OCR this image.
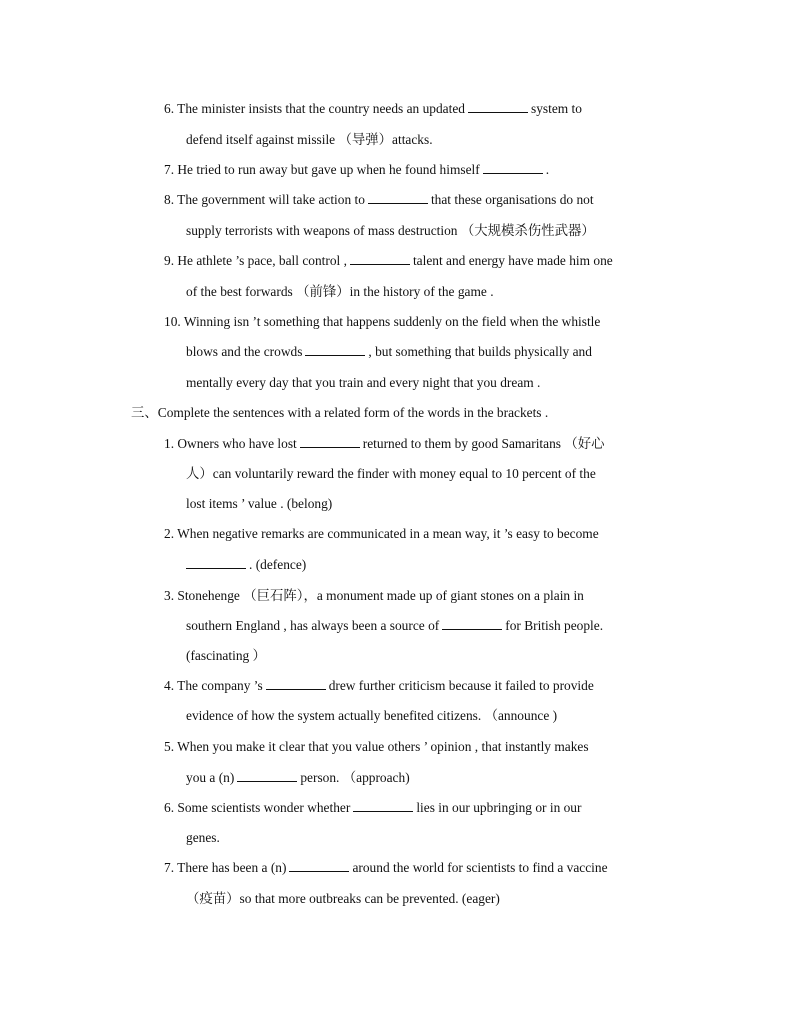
6. The minister insists that the country needs an updated	system to
defend itself against missile （导弹）attacks.
7. He tried to run away but gave up when he found himself	.
8. The government will take action to	that these organisations do not
supply terrorists with weapons of mass destruction （大规模杀伤性武器）
9. He athlete ’s pace, ball control ,	talent and energy have made him one
of the best forwards （前锋）in the history of the game .
10. Winning isn ’t something that happens suddenly on the field when the whistle
blows and the crowds	, but something that builds physically and
mentally every day that you train and every night that you dream .
三、Complete the sentences with a related form of the words in the brackets .
1. Owners who have lost	returned to them by good Samaritans （好心
人）can voluntarily reward the finder with money equal to 10 percent of the
lost items ’ value . (belong)
2. When negative remarks are communicated in a mean way, it ’s easy to become
. (defence)
3. Stonehenge （巨石阵），a monument made up of giant stones on a plain in
southern England , has always been a source of	for British people.
(fascinating ）
4. The company ’s	drew further criticism because it failed to provide
evidence of how the system actually benefited citizens. （announce )
5. When you make it clear that you value others ’ opinion , that instantly makes
you a (n)	person. （approach)
6. Some scientists wonder whether	lies in our upbringing or in our
genes.
7. There has been a (n)	around the world for scientists to find a vaccine
（疫苗）so that more outbreaks can be prevented. (eager)
